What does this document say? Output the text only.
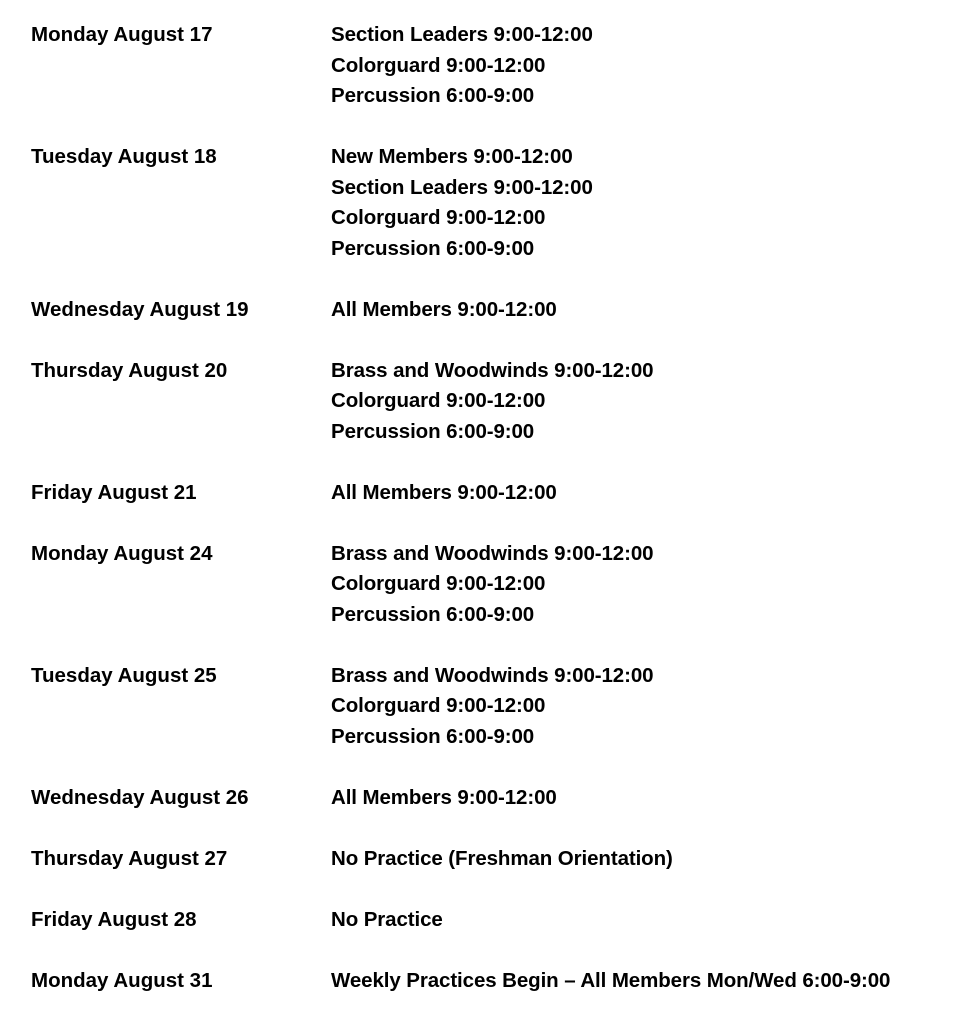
Monday August 17	Section Leaders 9:00-12:00
Colorguard 9:00-12:00
Percussion 6:00-9:00
Tuesday August 18	New Members 9:00-12:00
Section Leaders 9:00-12:00
Colorguard 9:00-12:00
Percussion 6:00-9:00
Wednesday August 19	All Members 9:00-12:00
Thursday August 20	Brass and Woodwinds 9:00-12:00
Colorguard 9:00-12:00
Percussion 6:00-9:00
Friday August 21	All Members 9:00-12:00
Monday August 24	Brass and Woodwinds 9:00-12:00
Colorguard 9:00-12:00
Percussion 6:00-9:00
Tuesday August 25	Brass and Woodwinds 9:00-12:00
Colorguard 9:00-12:00
Percussion 6:00-9:00
Wednesday August 26	All Members 9:00-12:00
Thursday August 27	No Practice (Freshman Orientation)
Friday August 28	No Practice
Monday August 31	Weekly Practices Begin – All Members Mon/Wed 6:00-9:00
